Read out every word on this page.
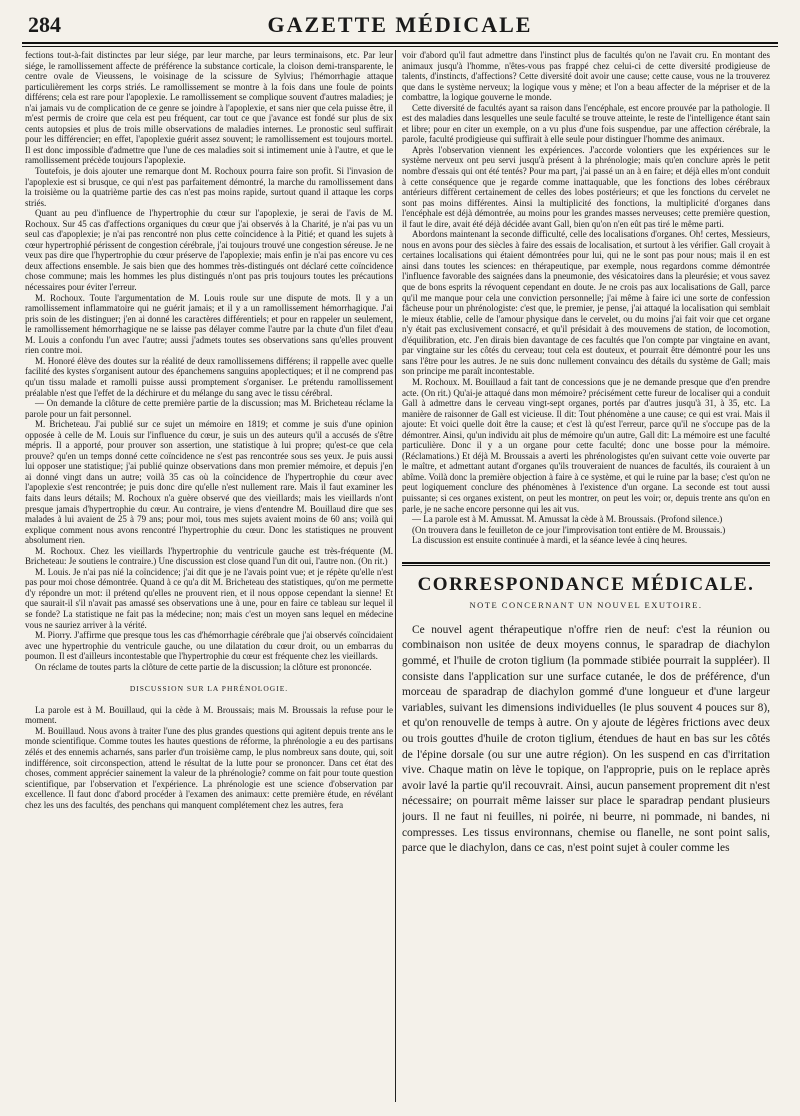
284	GAZETTE MÉDICALE

fections tout-à-fait distinctes par leur siége, par leur marche, par leurs terminaisons, etc. Par leur siége, le ramollissement affecte de préférence la substance corticale, la cloison demi-transparente, le centre ovale de Vieussens, le voisinage de la scissure de Sylvius; l'hémorrhagie attaque particulièrement les corps striés. Le ramollissement se montre à la fois dans une foule de points différens; cela est rare pour l'apoplexie. Le ramollissement se complique souvent d'autres maladies; je n'ai jamais vu de complication de ce genre se joindre à l'apoplexie, et sans nier que cela puisse être, il m'est permis de croire que cela est peu fréquent, car tout ce que j'avance est fondé sur plus de six cents autopsies et plus de trois mille observations de maladies internes. Le pronostic seul suffirait pour les différencier; en effet, l'apoplexie guérit assez souvent; le ramollissement est toujours mortel. Il est donc impossible d'admettre que l'une de ces maladies soit si intimement unie à l'autre, et que le ramollissement précède toujours l'apoplexie.

Toutefois, je dois ajouter une remarque dont M. Rochoux pourra faire son profit. Si l'invasion de l'apoplexie est si brusque, ce qui n'est pas parfaitement démontré, la marche du ramollissement dans la troisième ou la quatrième partie des cas n'est pas moins rapide, surtout quand il attaque les corps striés.

Quant au peu d'influence de l'hypertrophie du cœur sur l'apoplexie, je serai de l'avis de M. Rochoux. Sur 45 cas d'affections organiques du cœur que j'ai observés à la Charité, je n'ai pas vu un seul cas d'apoplexie; je n'ai pas rencontré non plus cette coïncidence à la Pitié; et quand les sujets à cœur hypertrophié périssent de congestion cérébrale, j'ai toujours trouvé une congestion séreuse. Je ne veux pas dire que l'hypertrophie du cœur préserve de l'apoplexie; mais enfin je n'ai pas encore vu ces deux affections ensemble. Je sais bien que des hommes très-distingués ont déclaré cette coïncidence chose commune; mais les hommes les plus distingués n'ont pas pris toujours toutes les précautions nécessaires pour éviter l'erreur.

M. Rochoux. Toute l'argumentation de M. Louis roule sur une dispute de mots. Il y a un ramollissement inflammatoire qui ne guérit jamais; et il y a un ramollissement hémorrhagique. J'ai pris soin de les distinguer; j'en ai donné les caractères différentiels; et pour en rappeler un seulement, le ramollissement hémorrhagique ne se laisse pas délayer comme l'autre par la chute d'un filet d'eau M. Louis a confondu l'un avec l'autre; aussi j'admets toutes ses observations sans qu'elles prouvent rien contre moi.

M. Honoré élève des doutes sur la réalité de deux ramollissemens différens; il rappelle avec quelle facilité des kystes s'organisent autour des épanchemens sanguins apoplectiques; et il ne comprend pas qu'un tissu malade et ramolli puisse aussi promptement s'organiser. Le prétendu ramollissement préalable n'est que l'effet de la déchirure et du mélange du sang avec le tissu cérébral.

— On demande la clôture de cette première partie de la discussion; mas M. Bricheteau réclame la parole pour un fait personnel.

M. Bricheteau. J'ai publié sur ce sujet un mémoire en 1819; et comme je suis d'une opinion opposée à celle de M. Louis sur l'influence du cœur, je suis un des auteurs qu'il a accusés de s'être mépris. Il a apporté, pour prouver son assertion, une statistique à lui propre; qu'est-ce que cela prouve? qu'en un temps donné cette coïncidence ne s'est pas rencontrée sous ses yeux. Je puis aussi lui opposer une statistique; j'ai publié quinze observations dans mon premier mémoire, et depuis j'en ai donné vingt dans un autre; voilà 35 cas où la coïncidence de l'hypertrophie du cœur avec l'apoplexie s'est rencontrée; je puis donc dire qu'elle n'est nullement rare. Mais il faut examiner les faits dans leurs détails; M. Rochoux n'a guère observé que des vieillards; mais les vieillards n'ont presque jamais d'hypertrophie du cœur. Au contraire, je viens d'entendre M. Bouillaud dire que ses malades à lui avaient de 25 à 79 ans; pour moi, tous mes sujets avaient moins de 60 ans; voilà qui explique comment nous avons rencontré l'hypertrophie du cœur. Donc les statistiques ne prouvent absolument rien.

M. Rochoux. Chez les vieillards l'hypertrophie du ventricule gauche est très-fréquente (M. Bricheteau: Je soutiens le contraire.) Une discussion est close quand l'un dit oui, l'autre non. (On rit.)

M. Louis. Je n'ai pas nié la coïncidence; j'ai dit que je ne l'avais point vue; et je répète qu'elle n'est pas pour moi chose démontrée. Quand à ce qu'a dit M. Bricheteau des statistiques, qu'on me permette d'y répondre un mot: il prétend qu'elles ne prouvent rien, et il nous oppose cependant la sienne! Et que saurait-il s'il n'avait pas amassé ses observations une à une, pour en faire ce tableau sur lequel il se fonde? La statistique ne fait pas la médecine; non; mais c'est un moyen sans lequel en médecine vous ne sauriez arriver à la vérité.

M. Piorry. J'affirme que presque tous les cas d'hémorrhagie cérébrale que j'ai observés coïncidaient avec une hypertrophie du ventricule gauche, ou une dilatation du cœur droit, ou un embarras du poumon. Il est d'ailleurs incontestable que l'hypertrophie du cœur est fréquente chez les vieillards.

On réclame de toutes parts la clôture de cette partie de la discussion; la clôture est prononcée.

DISCUSSION SUR LA PHRÉNOLOGIE.

La parole est à M. Bouillaud, qui la cède à M. Broussais; mais M. Broussais la refuse pour le moment.

M. Bouillaud. Nous avons à traiter l'une des plus grandes questions qui agitent depuis trente ans le monde scientifique. Comme toutes les hautes questions de réforme, la phrénologie a eu des partisans zélés et des ennemis acharnés, sans parler d'un troisième camp, le plus nombreux sans doute, qui, soit indifférence, soit circonspection, attend le résultat de la lutte pour se prononcer. Dans cet état des choses, comment apprécier sainement la valeur de la phrénologie? comme on fait pour toute question scientifique, par l'observation et l'expérience. La phrénologie est une science d'observation par excellence. Il faut donc d'abord procéder à l'examen des animaux: cette première étude, en révélant chez les uns des facultés, des penchans qui manquent complétement chez les autres, fera

voir d'abord qu'il faut admettre dans l'instinct plus de facultés qu'on ne l'avait cru. En montant des animaux jusqu'à l'homme, n'êtes-vous pas frappé chez celui-ci de cette diversité prodigieuse de talents, d'instincts, d'affections? Cette diversité doit avoir une cause; cette cause, vous ne la trouverez que dans le système nerveux; la logique vous y mène; et l'on a beau affecter de la mépriser et de la combattre, la logique gouverne le monde.

Cette diversité de facultés ayant sa raison dans l'encéphale, est encore prouvée par la pathologie. Il est des maladies dans lesquelles une seule faculté se trouve atteinte, le reste de l'intelligence étant sain et libre; pour en citer un exemple, on a vu plus d'une fois suspendue, par une affection cérébrale, la parole, faculté prodigieuse qui suffirait à elle seule pour distinguer l'homme des animaux.

Après l'observation viennent les expériences. J'accorde volontiers que les expériences sur le système nerveux ont peu servi jusqu'à présent à la phrénologie; mais qu'en conclure après le petit nombre d'essais qui ont été tentés? Pour ma part, j'ai passé un an à en faire; et déjà elles m'ont conduit à cette conséquence que je regarde comme inattaquable, que les fonctions des lobes cérébraux antérieurs diffèrent certainement de celles des lobes postérieurs; et que les fonctions du cervelet ne sont pas moins différentes. Ainsi la multiplicité des fonctions, la multiplicité d'organes dans l'encéphale est déjà démontrée, au moins pour les grandes masses nerveuses; cette première question, il faut le dire, avait été déjà décidée avant Gall, bien qu'on n'en eût pas tiré le même parti.

Abordons maintenant la seconde difficulté, celle des localisations d'organes. Oh! certes, Messieurs, nous en avons pour des siècles à faire des essais de localisation, et surtout à les vérifier. Gall croyait à certaines localisations qui étaient démontrées pour lui, qui ne le sont pas pour nous; mais il en est ainsi dans toutes les sciences: en thérapeutique, par exemple, nous regardons comme démontrée l'influence favorable des saignées dans la pneumonie, des vésicatoires dans la pleurésie; et vous savez que de bons esprits la révoquent cependant en doute. Je ne crois pas aux localisations de Gall, parce qu'il me manque pour cela une conviction personnelle; j'ai même à faire ici une sorte de confession fâcheuse pour un phrénologiste: c'est que, le premier, je pense, j'ai attaqué la localisation qui semblait le mieux établie, celle de l'amour physique dans le cervelet, ou du moins j'ai fait voir que cet organe n'y était pas exclusivement consacré, et qu'il présidait à des mouvemens de station, de locomotion, d'équilibration, etc. J'en dirais bien davantage de ces facultés que l'on compte par vingtaine en avant, par vingtaine sur les côtés du cerveau; tout cela est douteux, et pourrait être démontré pour les uns sans l'être pour les autres. Je ne suis donc nullement convaincu des détails du système de Gall; mais son principe me paraît incontestable.

M. Rochoux. M. Bouillaud a fait tant de concessions que je ne demande presque que d'en prendre acte. (On rit.) Qu'ai-je attaqué dans mon mémoire? précisément cette fureur de localiser qui a conduit Gall à admettre dans le cerveau vingt-sept organes, portés par d'autres jusqu'à 31, à 35, etc. La manière de raisonner de Gall est vicieuse. Il dit: Tout phénomène a une cause; ce qui est vrai. Mais il ajoute: Et voici quelle doit être la cause; et c'est là qu'est l'erreur, parce qu'il ne s'occupe pas de la démontrer. Ainsi, qu'un individu ait plus de mémoire qu'un autre, Gall dit: La mémoire est une faculté particulière. Donc il y a un organe pour cette faculté; donc une bosse pour la mémoire. (Réclamations.) Et déjà M. Broussais a averti les phrénologistes qu'en suivant cette voie ouverte par le maître, et admettant autant d'organes qu'ils trouveraient de nuances de facultés, ils couraient à un abîme. Voilà donc la première objection à faire à ce système, et qui le ruine par la base; c'est qu'on ne peut logiquement conclure des phénomènes à l'existence d'un organe. La seconde est tout aussi puissante; si ces organes existent, on peut les montrer, on peut les voir; or, depuis trente ans qu'on en parle, je ne sache encore personne qui les ait vus.

— La parole est à M. Amussat. M. Amussat la cède à M. Broussais. (Profond silence.)

(On trouvera dans le feuilleton de ce jour l'improvisation tont entière de M. Broussais.)

La discussion est ensuite continuée à mardi, et la séance levée à cinq heures.

CORRESPONDANCE MÉDICALE.

NOTE CONCERNANT UN NOUVEL EXUTOIRE.

Ce nouvel agent thérapeutique n'offre rien de neuf: c'est la réunion ou combinaison non usitée de deux moyens connus, le sparadrap de diachylon gommé, et l'huile de croton tiglium (la pommade stibiée pourrait la suppléer). Il consiste dans l'application sur une surface cutanée, le dos de préférence, d'un morceau de sparadrap de diachylon gommé d'une longueur et d'une largeur variables, suivant les dimensions individuelles (le plus souvent 4 pouces sur 8), et qu'on renouvelle de temps à autre. On y ajoute de légères frictions avec deux ou trois gouttes d'huile de croton tiglium, étendues de haut en bas sur les côtés de l'épine dorsale (ou sur une autre région). On les suspend en cas d'irritation vive. Chaque matin on lève le topique, on l'approprie, puis on le replace après avoir lavé la partie qu'il recouvrait. Ainsi, aucun pansement proprement dit n'est nécessaire; on pourrait même laisser sur place le sparadrap pendant plusieurs jours. Il ne faut ni feuilles, ni poirée, ni beurre, ni pommade, ni bandes, ni compresses. Les tissus environnans, chemise ou flanelle, ne sont point salis, parce que le diachylon, dans ce cas, n'est point sujet à couler comme les
